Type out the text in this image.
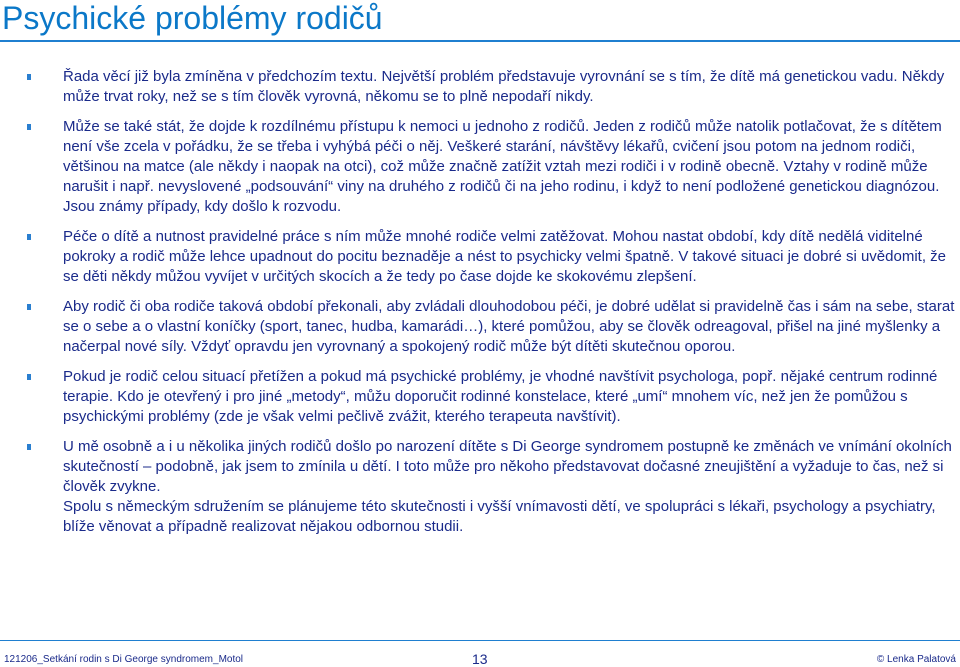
Psychické problémy rodičů
Řada věcí již byla zmíněna v předchozím textu. Největší problém představuje vyrovnání se s tím, že dítě má genetickou vadu. Někdy může trvat roky, než se s tím člověk vyrovná, někomu se to plně nepodaří nikdy.
Může se také stát, že dojde k rozdílnému přístupu k nemoci u jednoho z rodičů. Jeden z rodičů může natolik potlačovat, že s dítětem není vše zcela v pořádku, že se třeba i vyhýbá péči o něj. Veškeré starání, návštěvy lékařů, cvičení jsou potom na jednom rodiči, většinou na matce (ale někdy i naopak na otci), což může značně zatížit vztah mezi rodiči i v rodině obecně. Vztahy v rodině může narušit i např. nevyslovené „podsouvání“ viny na druhého z rodičů či na jeho rodinu, i když to není podložené genetickou diagnózou. Jsou známy případy, kdy došlo k rozvodu.
Péče o dítě a nutnost pravidelné práce s ním může mnohé rodiče velmi zatěžovat. Mohou nastat období, kdy dítě nedělá viditelné pokroky a rodič může lehce upadnout do pocitu beznaděje a nést to psychicky velmi špatně. V takové situaci je dobré si uvědomit, že se děti někdy můžou vyvíjet v určitých skocích a že tedy po čase dojde ke skokovému zlepšení.
Aby rodič či oba rodiče taková období překonali, aby zvládali dlouhodobou péči, je dobré udělat si pravidelně čas i sám na sebe, starat se o sebe a o vlastní koníčky (sport, tanec, hudba, kamarádi…), které pomůžou, aby se člověk odreagoval, přišel na jiné myšlenky a načerpal nové síly. Vždyť opravdu jen vyrovnaný a spokojený rodič může být dítěti skutečnou oporou.
Pokud je rodič celou situací přetížen a pokud má psychické problémy, je vhodné navštívit psychologa, popř. nějaké centrum rodinné terapie. Kdo je otevřený i pro jiné „metody“, můžu doporučit rodinné konstelace, které „umí“ mnohem víc, než jen že pomůžou s psychickými problémy (zde je však velmi pečlivě zvážit, kterého terapeuta navštívit).
U mě osobně a i u několika jiných rodičů došlo po narození dítěte s Di George syndromem postupně ke změnách ve vnímání okolních skutečností – podobně, jak jsem to zmínila u dětí. I toto může pro někoho představovat dočasné zneujištění a vyžaduje to čas, než si člověk zvykne.
Spolu s německým sdružením se plánujeme této skutečnosti i vyšší vnímavosti dětí, ve spolupráci s lékaři, psychology a psychiatry, blíže věnovat a případně realizovat nějakou odbornou studii.
121206_Setkání rodin s Di George syndromem_Motol	13	© Lenka Palatová
